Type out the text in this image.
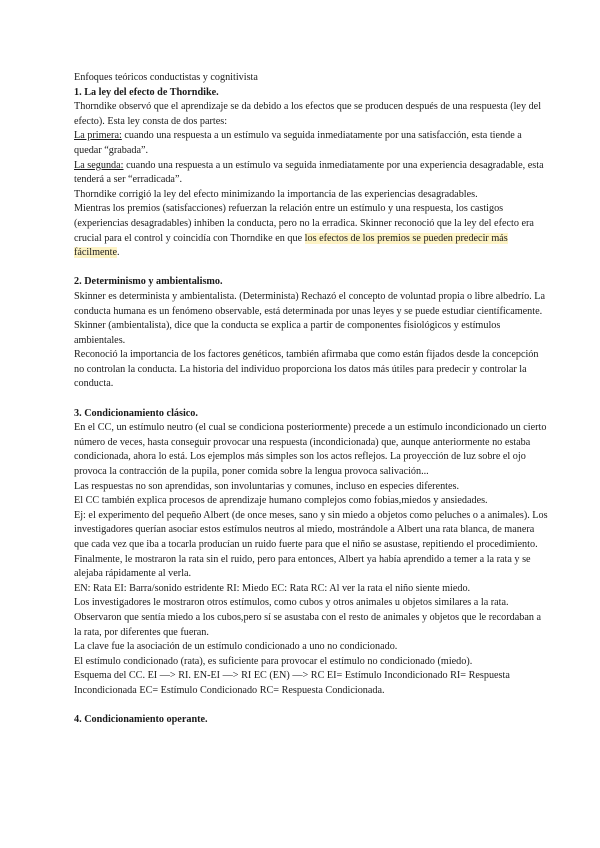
Enfoques teóricos conductistas y cognitivista

1. La ley del efecto de Thorndike.

Thorndike observó que el aprendizaje se da debido a los efectos que se producen después de una respuesta (ley del efecto). Esta ley consta de dos partes:

La primera: cuando una respuesta a un estímulo va seguida inmediatamente por una satisfacción, esta tiende a quedar “grabada”.

La segunda: cuando una respuesta a un estímulo va seguida inmediatamente por una experiencia desagradable, esta tenderá a ser “erradicada”.

Thorndike corrigió la ley del efecto minimizando la importancia de las experiencias desagradables.

Mientras los premios (satisfacciones) refuerzan la relación entre un estímulo y una respuesta, los castigos (experiencias desagradables) inhiben la conducta, pero no la erradica. Skinner reconoció que la ley del efecto era crucial para el control y coincidía con Thorndike en que los efectos de los premios se pueden predecir más fácilmente.

2. Determinismo y ambientalismo.

Skinner es determinista y ambientalista. (Determinista) Rechazó el concepto de voluntad propia o libre albedrío. La conducta humana es un fenómeno observable, está determinada por unas leyes y se puede estudiar científicamente. Skinner (ambientalista), dice que la conducta se explica a partir de componentes fisiológicos y estímulos ambientales.

Reconoció la importancia de los factores genéticos, también afirmaba que como están fijados desde la concepción no controlan la conducta. La historia del individuo proporciona los datos más útiles para predecir y controlar la conducta.

3. Condicionamiento clásico.

En el CC, un estímulo neutro (el cual se condiciona posteriormente) precede a un estímulo incondicionado un cierto número de veces, hasta conseguir provocar una respuesta (incondicionada) que, aunque anteriormente no estaba condicionada, ahora lo está. Los ejemplos más simples son los actos reflejos. La proyección de luz sobre el ojo provoca la contracción de la pupila, poner comida sobre la lengua provoca salivación...

Las respuestas no son aprendidas, son involuntarias y comunes, incluso en especies diferentes.

El CC también explica procesos de aprendizaje humano complejos como fobias,miedos y ansiedades.

Ej: el experimento del pequeño Albert (de once meses, sano y sin miedo a objetos como peluches o a animales). Los investigadores querían asociar estos estímulos neutros al miedo, mostrándole a Albert una rata blanca, de manera que cada vez que iba a tocarla producían un ruido fuerte para que el niño se asustase, repitiendo el procedimiento.

Finalmente, le mostraron la rata sin el ruido, pero para entonces, Albert ya había aprendido a temer a la rata y se alejaba rápidamente al verla.

EN: Rata EI: Barra/sonido estridente RI: Miedo EC: Rata RC: Al ver la rata el niño siente miedo.

Los investigadores le mostraron otros estímulos, como cubos y otros animales u objetos similares a la rata. Observaron que sentía miedo a los cubos,pero sí se asustaba con el resto de animales y objetos que le recordaban a la rata, por diferentes que fueran.

La clave fue la asociación de un estímulo condicionado a uno no condicionado.

El estímulo condicionado (rata), es suficiente para provocar el estímulo no condicionado (miedo).

Esquema del CC. EI —> RI. EN-EI —> RI EC (EN) —> RC EI= Estímulo Incondicionado RI= Respuesta Incondicionada EC= Estímulo Condicionado RC= Respuesta Condicionada.

4. Condicionamiento operante.
